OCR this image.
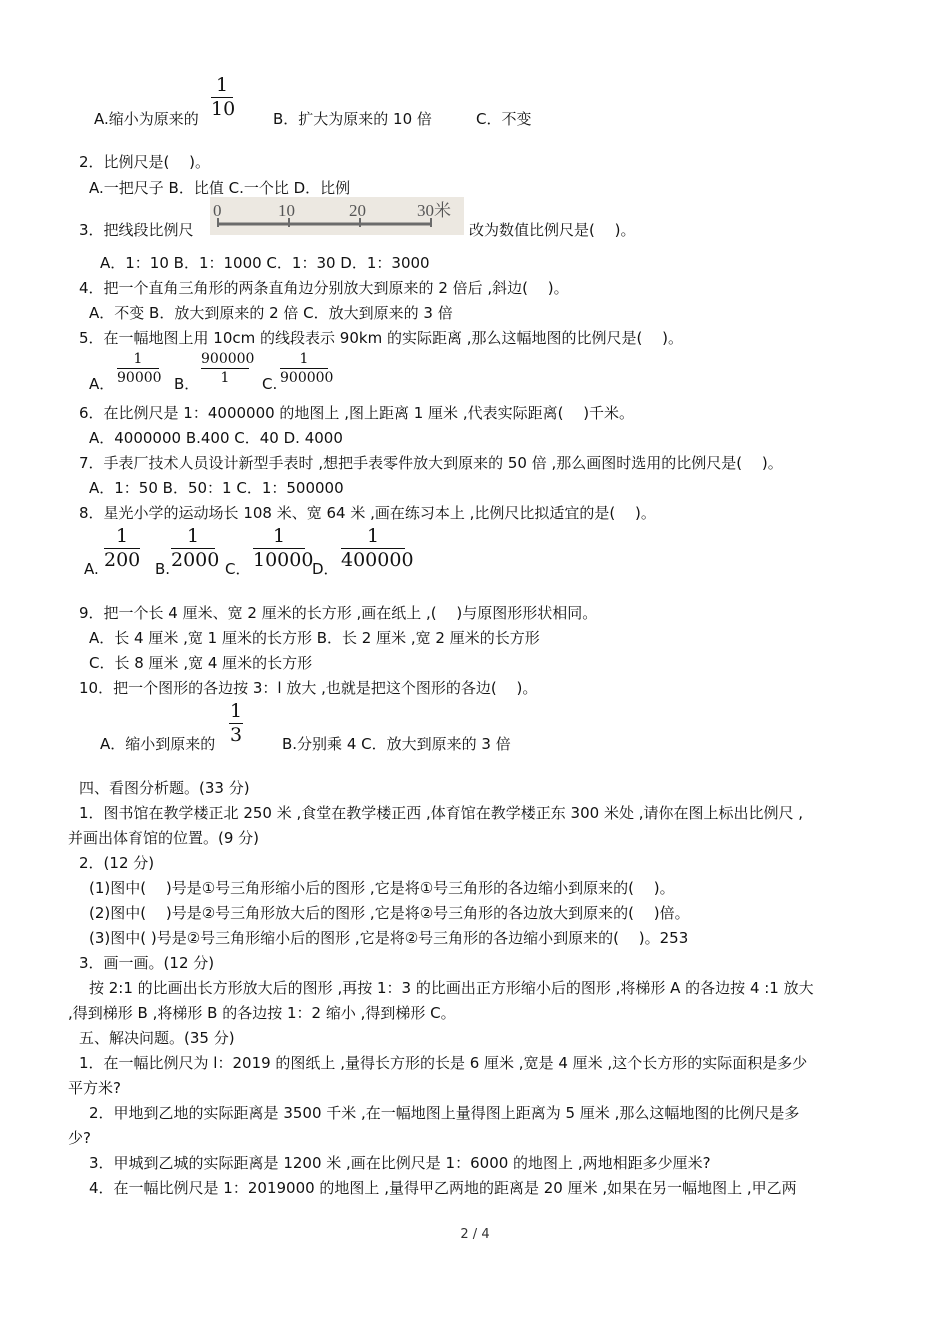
A.缩小为原来的
1
10	B．扩大为原来的 10 倍	C．不变
2．比例尺是(　 )。
A.一把尺子 B．比值 C.一个比 D．比例
3．把线段比例尺
0	10	20	30米
改为数值比例尺是(　 )。
A．1：10 B．1：1000 C．1：30 D．1：3000
4．把一个直角三角形的两条直角边分别放大到原来的 2 倍后 ,斜边(　 )。
A．不变 B．放大到原来的 2 倍 C．放大到原来的 3 倍
5．在一幅地图上用 10cm 的线段表示 90km 的实际距离 ,那么这幅地图的比例尺是(　 )。
A．
1
90000 B．
900000
1	C.
1
900000
6．在比例尺是 1：4000000 的地图上 ,图上距离 1 厘米 ,代表实际距离(　 )千米。
A．4000000 B.400 C．40 D. 4000
7．手表厂技术人员设计新型手表时 ,想把手表零件放大到原来的 50 倍 ,那么画图时选用的比例尺是(　 )。
A．1：50 B．50：1 C．1：500000
8．星光小学的运动场长 108 米、宽 64 米 ,画在练习本上 ,比例尺比拟适宜的是(　 )。
A.
1
200 B.
1
2000 C．
1
10000
D．
1
400000
9．把一个长 4 厘米、宽 2 厘米的长方形 ,画在纸上 ,(　 )与原图形形状相同。
A．长 4 厘米 ,宽 1 厘米的长方形 B．长 2 厘米 ,宽 2 厘米的长方形
C．长 8 厘米 ,宽 4 厘米的长方形
10．把一个图形的各边按 3：l 放大 ,也就是把这个图形的各边(　 )。
A．缩小到原来的
1
3	B.分别乘 4 C．放大到原来的 3 倍
四、看图分析题。(33 分)
1．图书馆在教学楼正北 250 米 ,食堂在教学楼正西 ,体育馆在教学楼正东 300 米处 ,请你在图上标出比例尺 ,
并画出体育馆的位置。(9 分)
2．(12 分)
(1)图中(　 )号是①号三角形缩小后的图形 ,它是将①号三角形的各边缩小到原来的(　 )。
(2)图中(　 )号是②号三角形放大后的图形 ,它是将②号三角形的各边放大到原来的(　 )倍。
(3)图中( )号是②号三角形缩小后的图形 ,它是将②号三角形的各边缩小到原来的(　 )。253
3．画一画。(12 分)
按 2:1 的比画出长方形放大后的图形 ,再按 1：3 的比画出正方形缩小后的图形 ,将梯形 A 的各边按 4 :1 放大
,得到梯形 B ,将梯形 B 的各边按 1：2 缩小 ,得到梯形 C。
五、解决问题。(35 分)
1．在一幅比例尺为 l：2019 的图纸上 ,量得长方形的长是 6 厘米 ,宽是 4 厘米 ,这个长方形的实际面积是多少
平方米?
2．甲地到乙地的实际距离是 3500 千米 ,在一幅地图上量得图上距离为 5 厘米 ,那么这幅地图的比例尺是多
少?
3．甲城到乙城的实际距离是 1200 米 ,画在比例尺是 1：6000 的地图上 ,两地相距多少厘米?
4．在一幅比例尺是 1：2019000 的地图上 ,量得甲乙两地的距离是 20 厘米 ,如果在另一幅地图上 ,甲乙两
2 / 4
